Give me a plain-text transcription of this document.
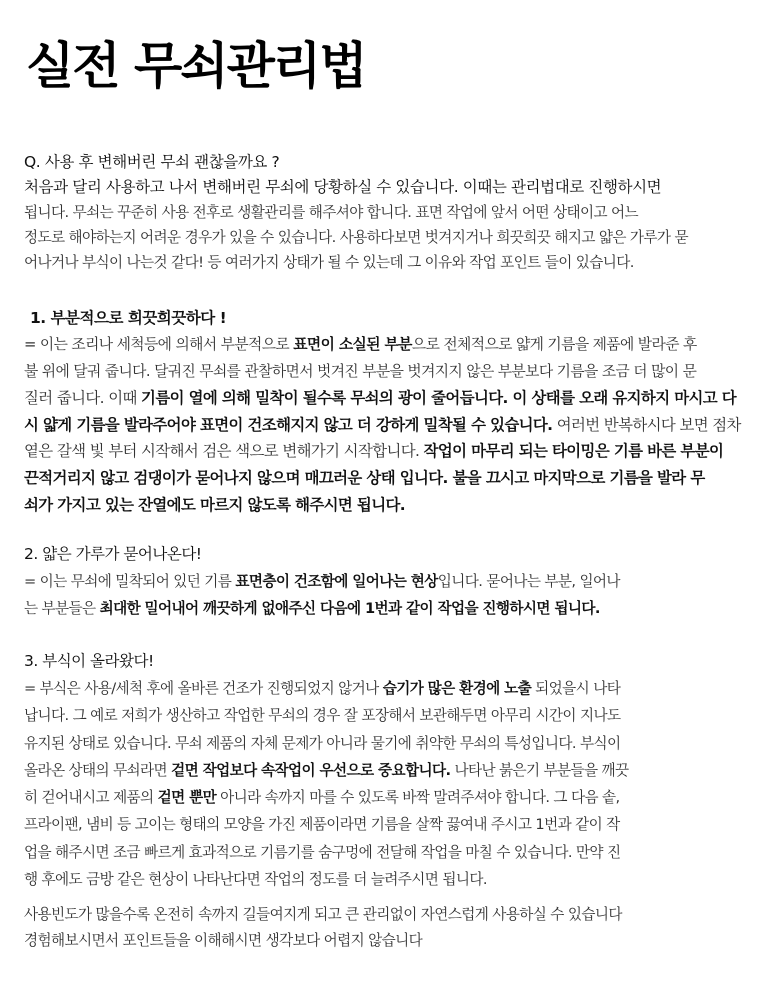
실전 무쇠관리법
Q. 사용 후 변해버린 무쇠 괜찮을까요 ?
처음과 달리 사용하고 나서 변해버린 무쇠에 당황하실 수 있습니다. 이때는 관리법대로 진행하시면
됩니다. 무쇠는 꾸준히 사용 전후로 생활관리를 해주셔야 합니다. 표면 작업에 앞서 어떤 상태이고 어느
정도로 해야하는지 어려운 경우가 있을 수 있습니다. 사용하다보면 벗겨지거나 희끗희끗 해지고 얇은 가루가 묻
어나거나 부식이 나는것 같다! 등 여러가지 상태가 될 수 있는데 그 이유와 작업 포인트 들이 있습니다.
1. 부분적으로 희끗희끗하다 !
= 이는 조리나 세척등에 의해서 부분적으로 표면이 소실된 부분으로 전체적으로 얇게 기름을 제품에 발라준 후
불 위에 달궈 줍니다. 달궈진 무쇠를 관찰하면서 벗겨진 부분을 벗겨지지 않은 부분보다 기름을 조금 더 많이 문
질러 줍니다. 이때 기름이 열에 의해 밀착이 될수록 무쇠의 광이 줄어듭니다. 이 상태를 오래 유지하지 마시고 다
시 얇게 기름을 발라주어야 표면이 건조해지지 않고 더 강하게 밀착될 수 있습니다. 여러번 반복하시다 보면 점차
옅은 갈색 빛 부터 시작해서 검은 색으로 변해가기 시작합니다. 작업이 마무리 되는 타이밍은 기름 바른 부분이
끈적거리지 않고 검댕이가 묻어나지 않으며 매끄러운 상태 입니다. 불을 끄시고 마지막으로 기름을 발라 무
쇠가 가지고 있는 잔열에도 마르지 않도록 해주시면 됩니다.
2. 얇은 가루가 묻어나온다!
= 이는 무쇠에 밀착되어 있던 기름 표면층이 건조함에 일어나는 현상입니다. 묻어나는 부분, 일어나
는 부분들은 최대한 밀어내어 깨끗하게 없애주신 다음에 1번과 같이 작업을 진행하시면 됩니다.
3. 부식이 올라왔다!
= 부식은 사용/세척 후에 올바른 건조가 진행되었지 않거나 습기가 많은 환경에 노출 되었을시 나타
납니다. 그 예로 저희가 생산하고 작업한 무쇠의 경우 잘 포장해서 보관해두면 아무리 시간이 지나도
유지된 상태로 있습니다. 무쇠 제품의 자체 문제가 아니라 물기에 취약한 무쇠의 특성입니다. 부식이
올라온 상태의 무쇠라면 겉면 작업보다 속작업이 우선으로 중요합니다. 나타난 붉은기 부분들을 깨끗
히 걷어내시고 제품의 겉면 뿐만 아니라 속까지 마를 수 있도록 바짝 말려주셔야 합니다. 그 다음 솥,
프라이팬, 냄비 등 고이는 형태의 모양을 가진 제품이라면 기름을 살짝 끓여내 주시고 1번과 같이 작
업을 해주시면 조금 빠르게 효과적으로 기름기를 숨구멍에 전달해 작업을 마칠 수 있습니다. 만약 진
행 후에도 금방 같은 현상이 나타난다면 작업의 정도를 더 늘려주시면 됩니다.
사용빈도가 많을수록 온전히 속까지 길들여지게 되고 큰 관리없이 자연스럽게 사용하실 수 있습니다
경험해보시면서 포인트들을 이해해시면 생각보다 어렵지 않습니다
